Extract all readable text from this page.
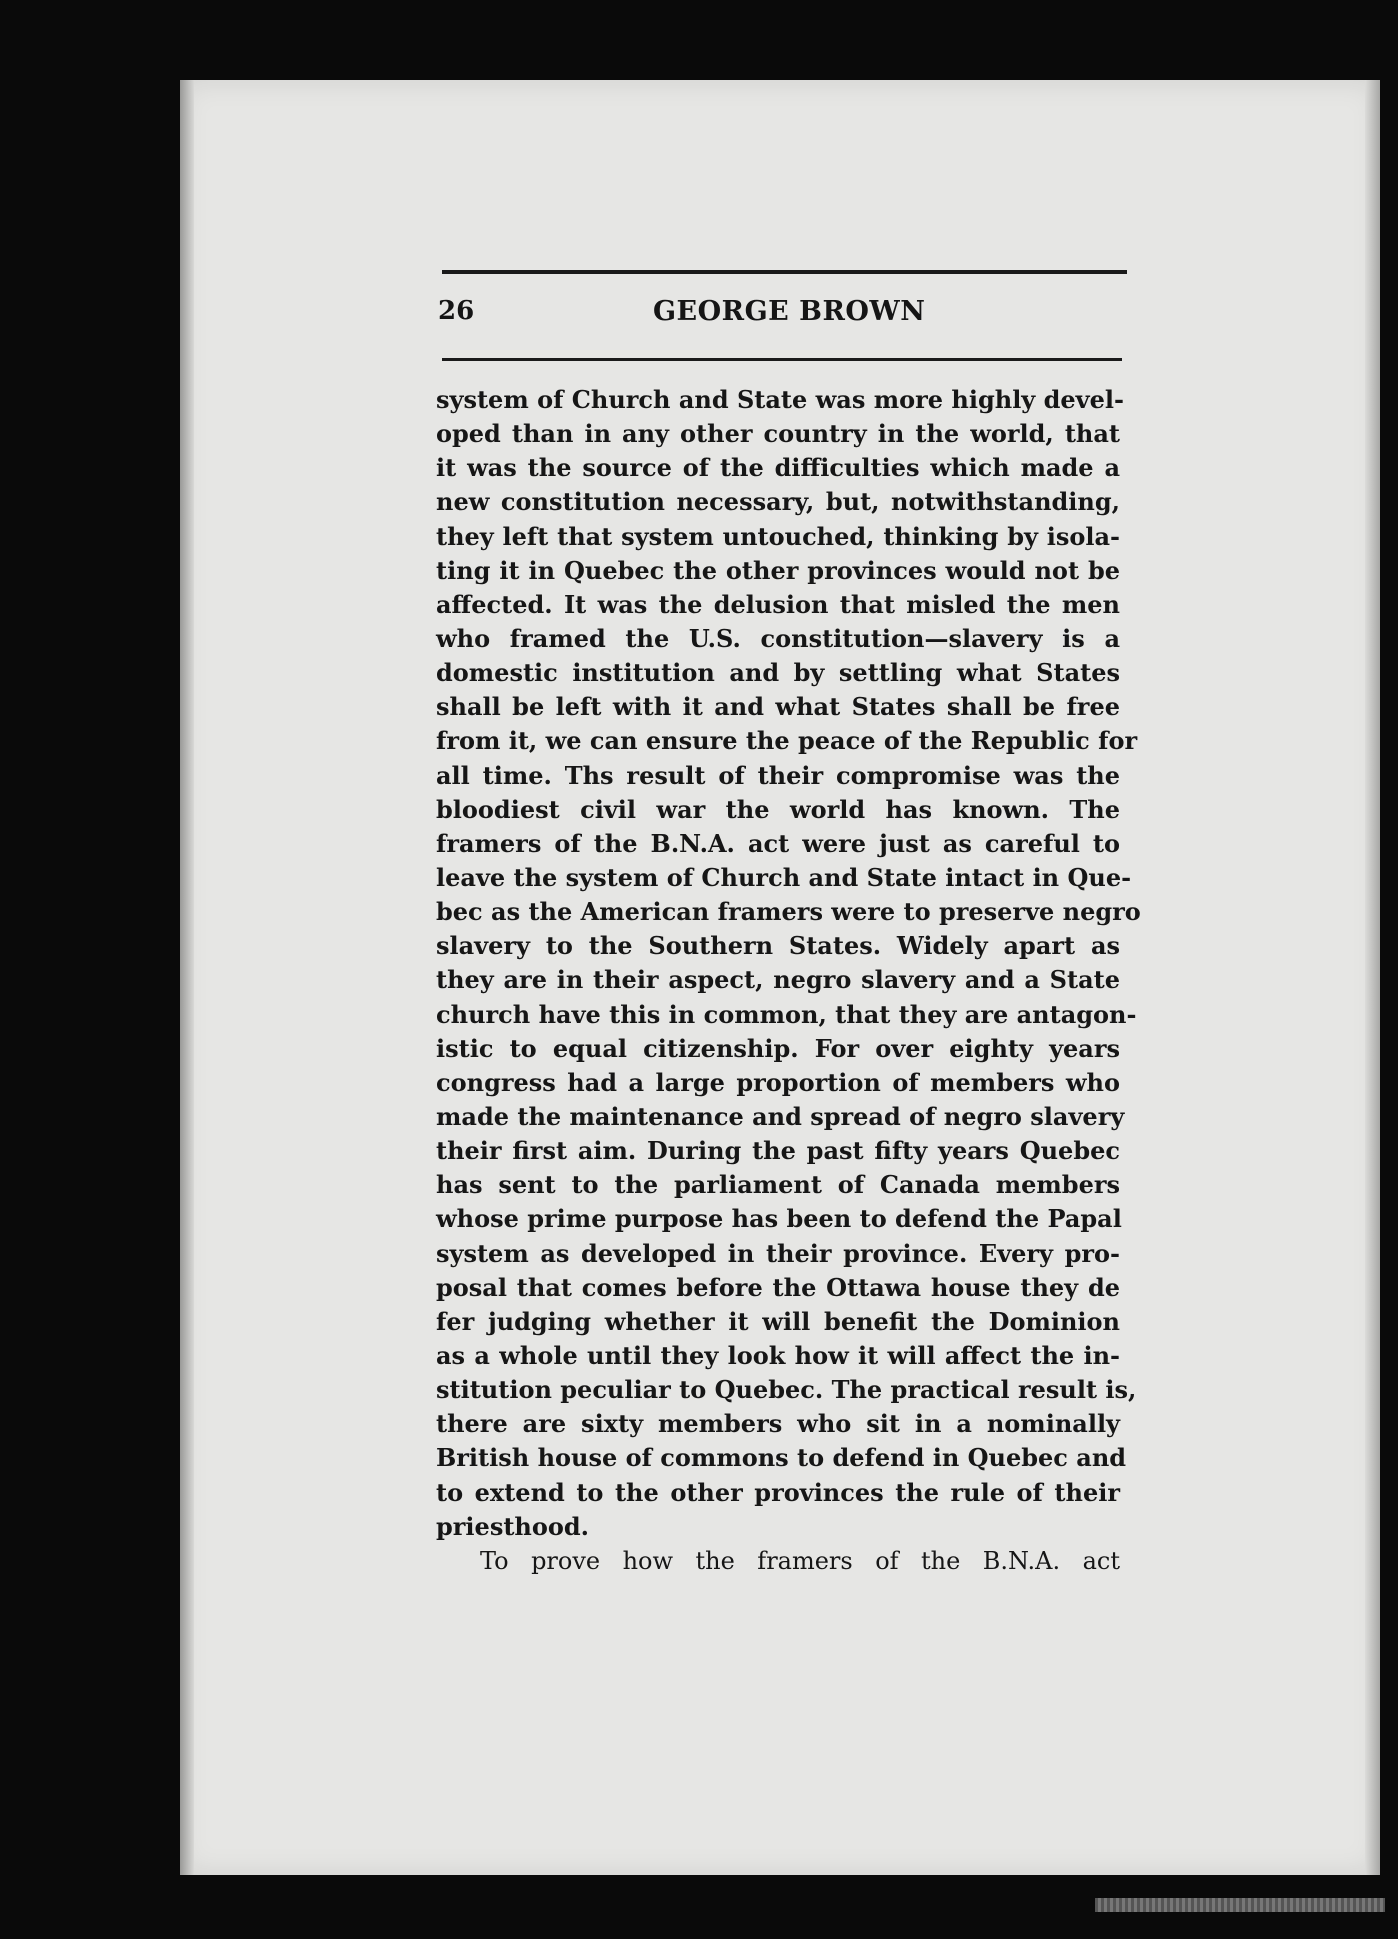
26	GEORGE BROWN
system of Church and State was more highly devel-
oped than in any other country in the world, that
it was the source of the difficulties which made a
new constitution necessary, but, notwithstanding,
they left that system untouched, thinking by isola-
ting it in Quebec the other provinces would not be
affected. It was the delusion that misled the men
who framed the U.S. constitution—slavery is a
domestic institution and by settling what States
shall be left with it and what States shall be free
from it, we can ensure the peace of the Republic for
all time. Ths result of their compromise was the
bloodiest civil war the world has known. The
framers of the B.N.A. act were just as careful to
leave the system of Church and State intact in Que-
bec as the American framers were to preserve negro
slavery to the Southern States. Widely apart as
they are in their aspect, negro slavery and a State
church have this in common, that they are antagon-
istic to equal citizenship. For over eighty years
congress had a large proportion of members who
made the maintenance and spread of negro slavery
their first aim. During the past fifty years Quebec
has sent to the parliament of Canada members
whose prime purpose has been to defend the Papal
system as developed in their province. Every pro-
posal that comes before the Ottawa house they de
fer judging whether it will benefit the Dominion
as a whole until they look how it will affect the in-
stitution peculiar to Quebec. The practical result is,
there are sixty members who sit in a nominally
British house of commons to defend in Quebec and
to extend to the other provinces the rule of their
priesthood.
To prove how the framers of the B.N.A. act
